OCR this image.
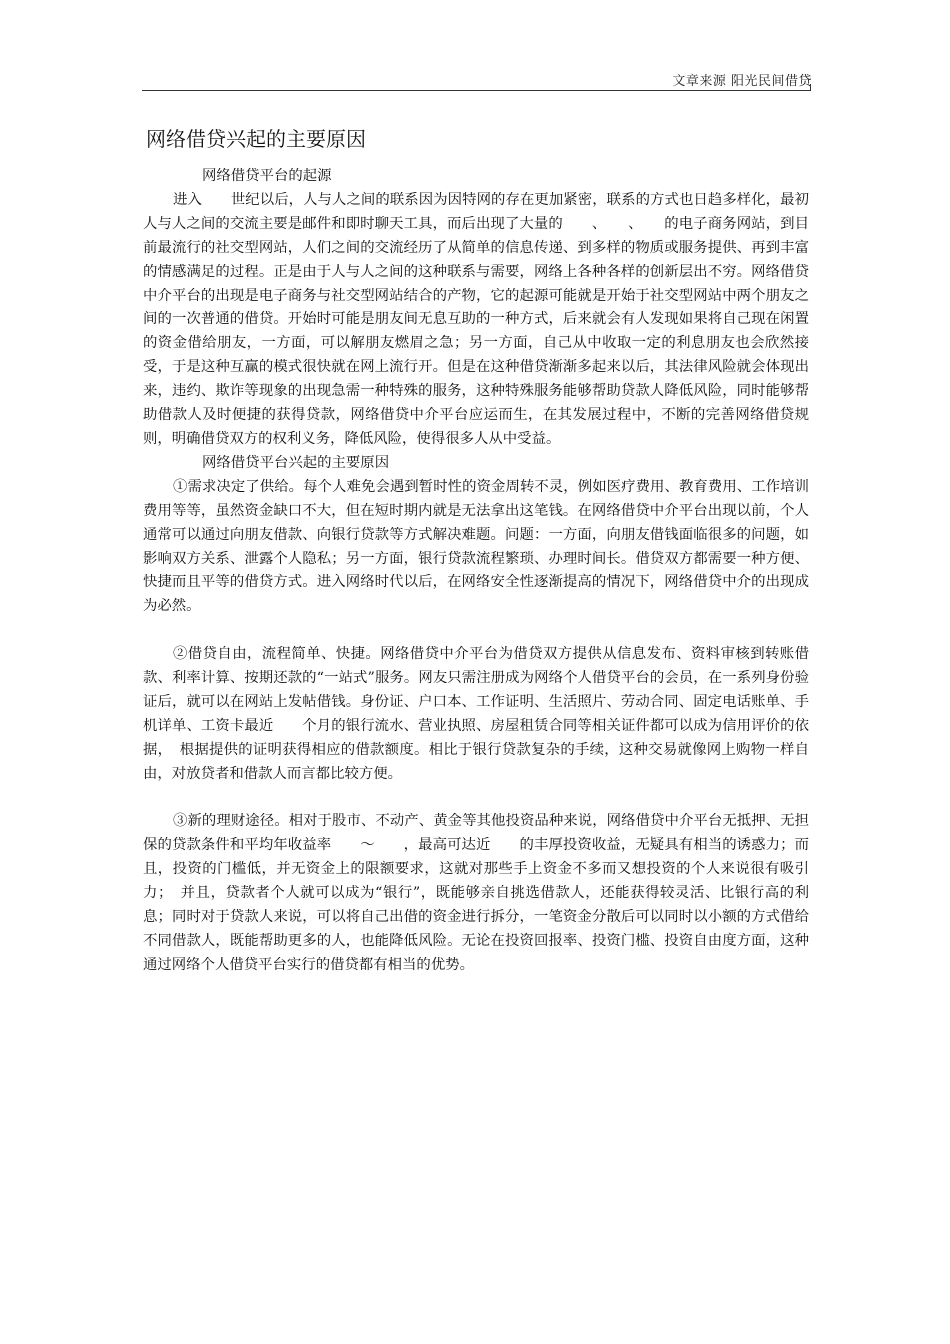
文章来源 阳光民间借贷
网络借贷兴起的主要原因

网络借贷平台的起源

进入　　世纪以后，人与人之间的联系因为因特网的存在更加紧密，联系的方式也日趋多样化，最初人与人之间的交流主要是邮件和即时聊天工具，而后出现了大量的　　、　　、　　的电子商务网站，到目前最流行的社交型网站，人们之间的交流经历了从简单的信息传递、到多样的物质或服务提供、再到丰富的情感满足的过程。正是由于人与人之间的这种联系与需要，网络上各种各样的创新层出不穷。网络借贷中介平台的出现是电子商务与社交型网站结合的产物，它的起源可能就是开始于社交型网站中两个朋友之间的一次普通的借贷。开始时可能是朋友间无息互助的一种方式，后来就会有人发现如果将自己现在闲置的资金借给朋友，一方面，可以解朋友燃眉之急；另一方面，自己从中收取一定的利息朋友也会欣然接受，于是这种互赢的模式很快就在网上流行开。但是在这种借贷渐渐多起来以后，其法律风险就会体现出来，违约、欺诈等现象的出现急需一种特殊的服务，这种特殊服务能够帮助贷款人降低风险，同时能够帮助借款人及时便捷的获得贷款，网络借贷中介平台应运而生，在其发展过程中，不断的完善网络借贷规则，明确借贷双方的权利义务，降低风险，使得很多人从中受益。

网络借贷平台兴起的主要原因

①需求决定了供给。每个人难免会遇到暂时性的资金周转不灵，例如医疗费用、教育费用、工作培训费用等等，虽然资金缺口不大，但在短时期内就是无法拿出这笔钱。在网络借贷中介平台出现以前，个人通常可以通过向朋友借款、向银行贷款等方式解决难题。问题：一方面，向朋友借钱面临很多的问题，如影响双方关系、泄露个人隐私；另一方面，银行贷款流程繁琐、办理时间长。借贷双方都需要一种方便、快捷而且平等的借贷方式。进入网络时代以后，在网络安全性逐渐提高的情况下，网络借贷中介的出现成为必然。

②借贷自由，流程简单、快捷。网络借贷中介平台为借贷双方提供从信息发布、资料审核到转账借款、利率计算、按期还款的“一站式”服务。网友只需注册成为网络个人借贷平台的会员，在一系列身份验证后，就可以在网站上发帖借钱。身份证、户口本、工作证明、生活照片、劳动合同、固定电话账单、手机详单、工资卡最近　　个月的银行流水、营业执照、房屋租赁合同等相关证件都可以成为信用评价的依据，　根据提供的证明获得相应的借款额度。相比于银行贷款复杂的手续，这种交易就像网上购物一样自由，对放贷者和借款人而言都比较方便。

③新的理财途径。相对于股市、不动产、黄金等其他投资品种来说，网络借贷中介平台无抵押、无担保的贷款条件和平均年收益率　　～　　，最高可达近　　的丰厚投资收益，无疑具有相当的诱惑力；而且，投资的门槛低，并无资金上的限额要求，这就对那些手上资金不多而又想投资的个人来说很有吸引力；　并且，贷款者个人就可以成为“银行”，既能够亲自挑选借款人，还能获得较灵活、比银行高的利息；同时对于贷款人来说，可以将自己出借的资金进行拆分，一笔资金分散后可以同时以小额的方式借给不同借款人，既能帮助更多的人，也能降低风险。无论在投资回报率、投资门槛、投资自由度方面，这种通过网络个人借贷平台实行的借贷都有相当的优势。
